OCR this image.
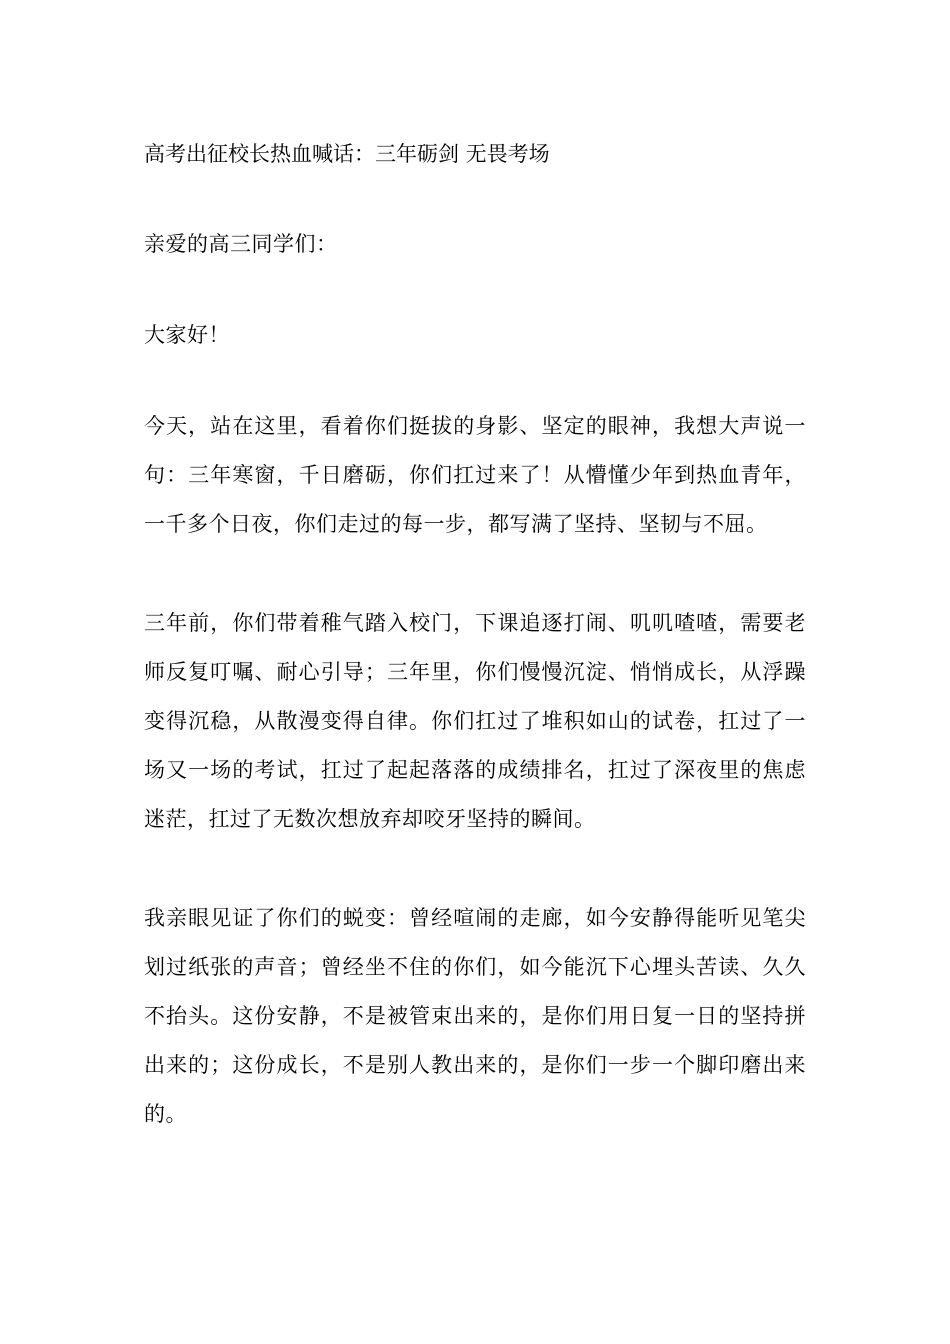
高考出征校长热血喊话：三年砺剑 无畏考场

亲爱的高三同学们：

大家好！

今天，站在这里，看着你们挺拔的身影、坚定的眼神，我想大声说一句：三年寒窗，千日磨砺，你们扛过来了！从懵懂少年到热血青年，一千多个日夜，你们走过的每一步，都写满了坚持、坚韧与不屈。

三年前，你们带着稚气踏入校门，下课追逐打闹、叽叽喳喳，需要老师反复叮嘱、耐心引导；三年里，你们慢慢沉淀、悄悄成长，从浮躁变得沉稳，从散漫变得自律。你们扛过了堆积如山的试卷，扛过了一场又一场的考试，扛过了起起落落的成绩排名，扛过了深夜里的焦虑迷茫，扛过了无数次想放弃却咬牙坚持的瞬间。

我亲眼见证了你们的蜕变：曾经喧闹的走廊，如今安静得能听见笔尖划过纸张的声音；曾经坐不住的你们，如今能沉下心埋头苦读、久久不抬头。这份安静，不是被管束出来的，是你们用日复一日的坚持拼出来的；这份成长，不是别人教出来的，是你们一步一个脚印磨出来的。
